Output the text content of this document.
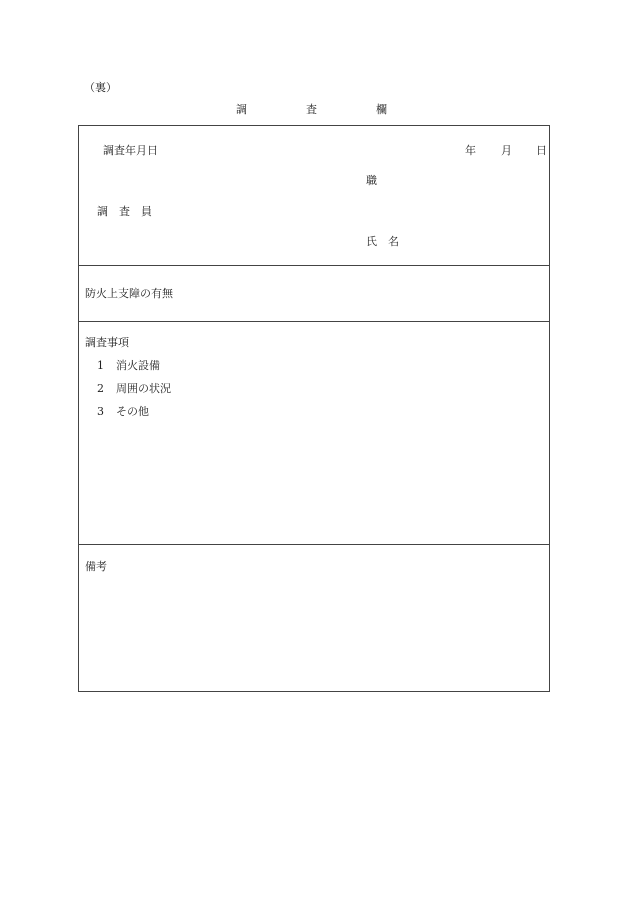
（裏）
調	査	欄
調査年月日	年 月 日
職
調　査　員
氏　名
防火上支障の有無
調査事項
1 消火設備
2 周囲の状況
3 その他
備考
